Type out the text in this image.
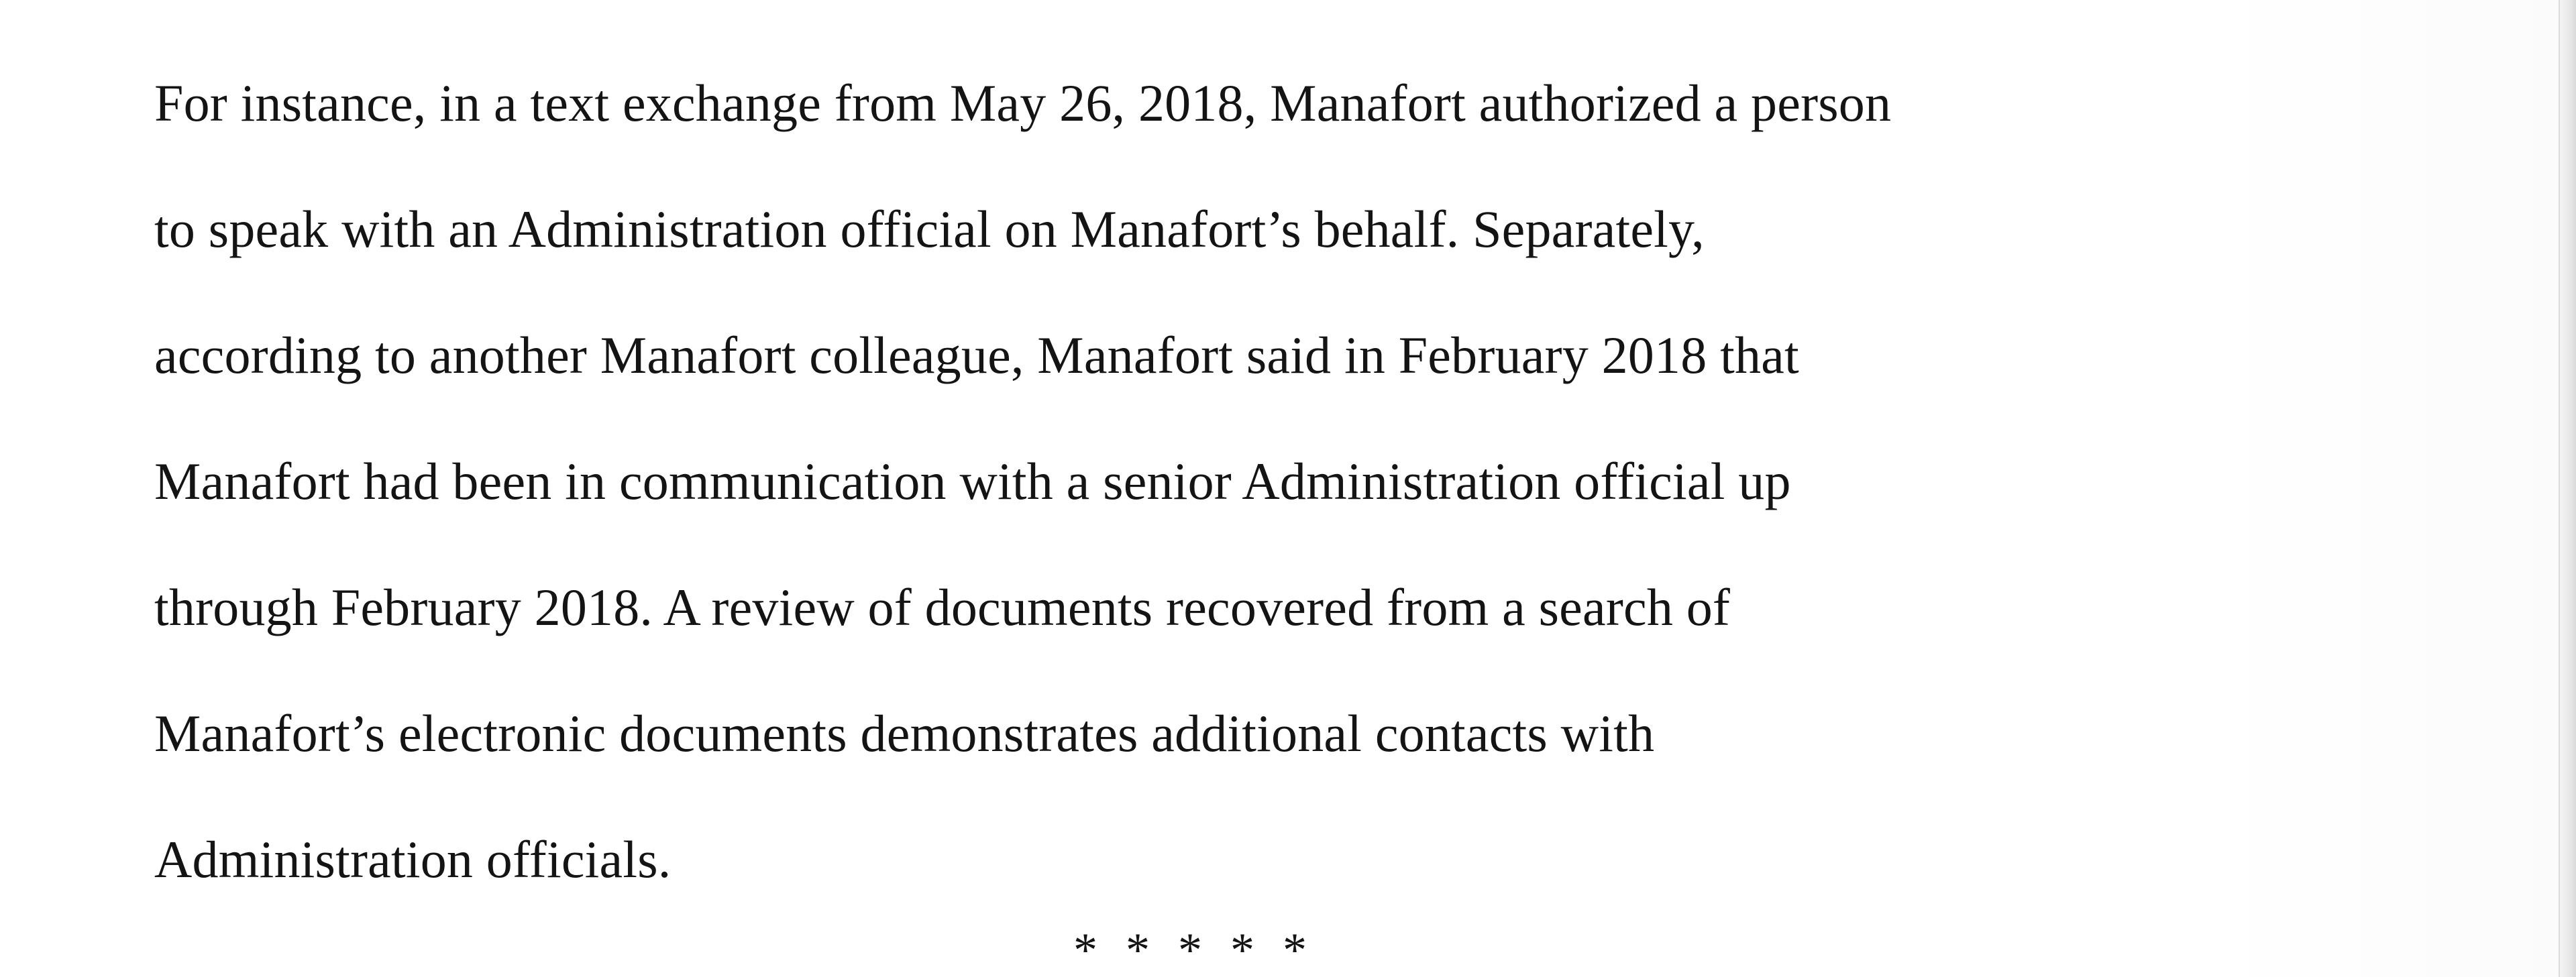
For instance, in a text exchange from May 26, 2018, Manafort authorized a person
to speak with an Administration official on Manafort’s behalf. Separately,
according to another Manafort colleague, Manafort said in February 2018 that
Manafort had been in communication with a senior Administration official up
through February 2018. A review of documents recovered from a search of
Manafort’s electronic documents demonstrates additional contacts with
Administration officials.
* * * * *
